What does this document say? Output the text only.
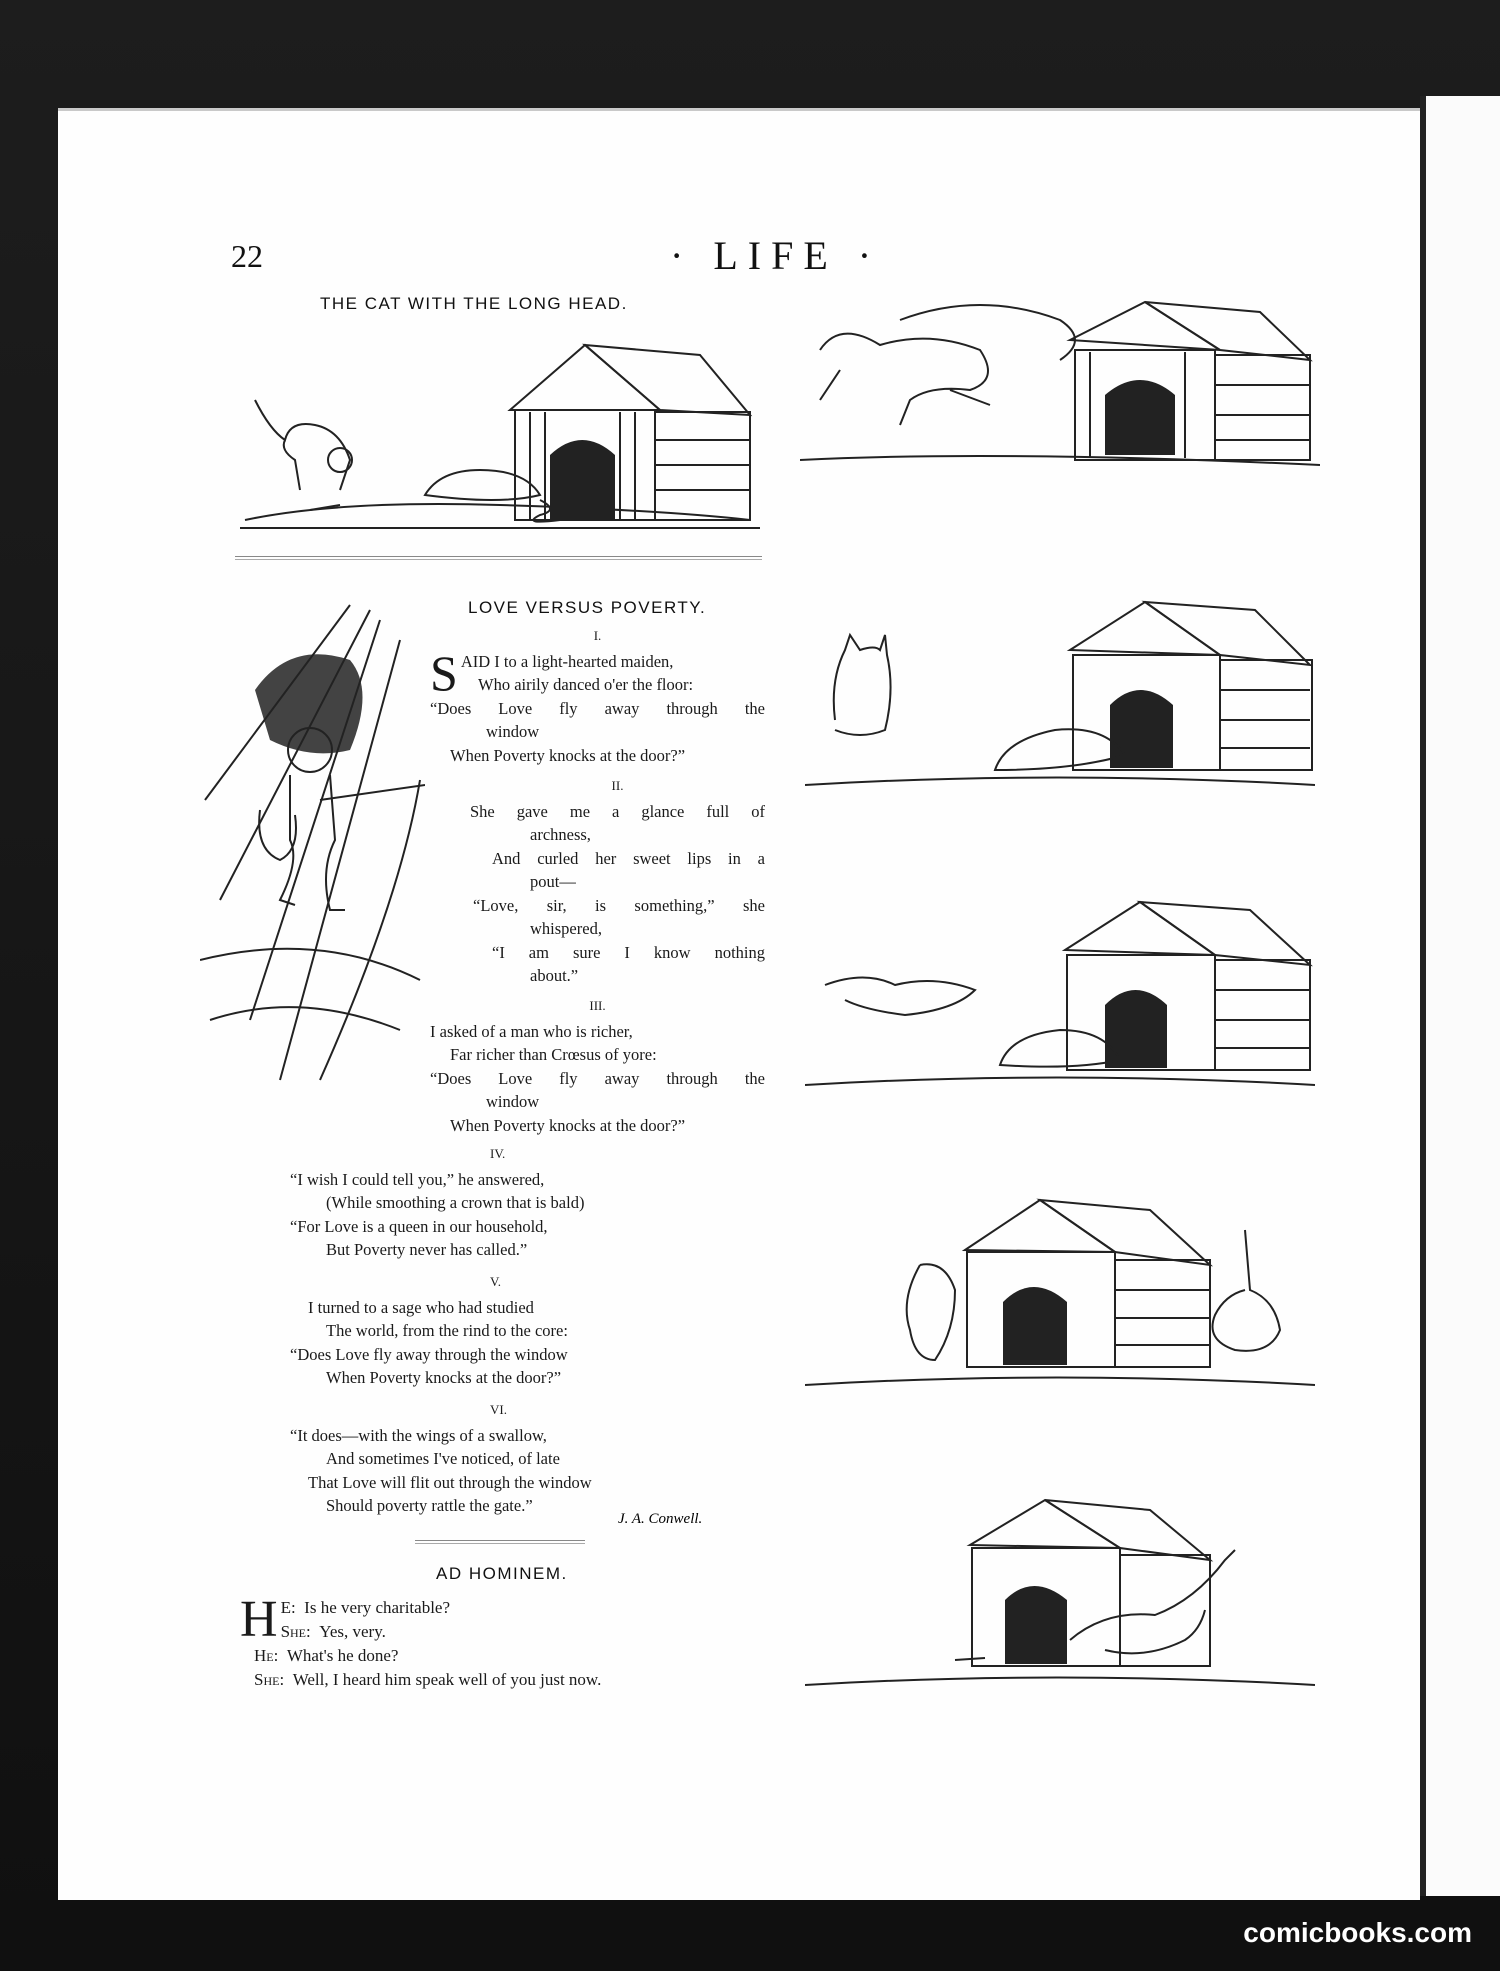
22	· LIFE ·
THE CAT WITH THE LONG HEAD.
LOVE VERSUS POVERTY.
I.
S AID I to a light-hearted maiden,
Who airily danced o'er the floor:
“Does Love fly away through the
window
When Poverty knocks at the door?”
II.
She gave me a glance full of
archness,
And curled her sweet lips in a
pout—
“Love, sir, is something,” she
whispered,
“I am sure I know nothing
about.”
III.
I asked of a man who is richer,
Far richer than Crœsus of yore:
“Does Love fly away through the
window
When Poverty knocks at the door?”
IV.
“I wish I could tell you,” he answered,
(While smoothing a crown that is bald)
“For Love is a queen in our household,
But Poverty never has called.”
V.
I turned to a sage who had studied
The world, from the rind to the core:
“Does Love fly away through the window
When Poverty knocks at the door?”
VI.
“It does—with the wings of a swallow,
And sometimes I've noticed, of late
That Love will flit out through the window
Should poverty rattle the gate.”
J. A. Conwell.
AD HOMINEM.
H E: Is he very charitable?
She: Yes, very.
He: What's he done?
She: Well, I heard him speak well of you just now.
comicbooks.com
